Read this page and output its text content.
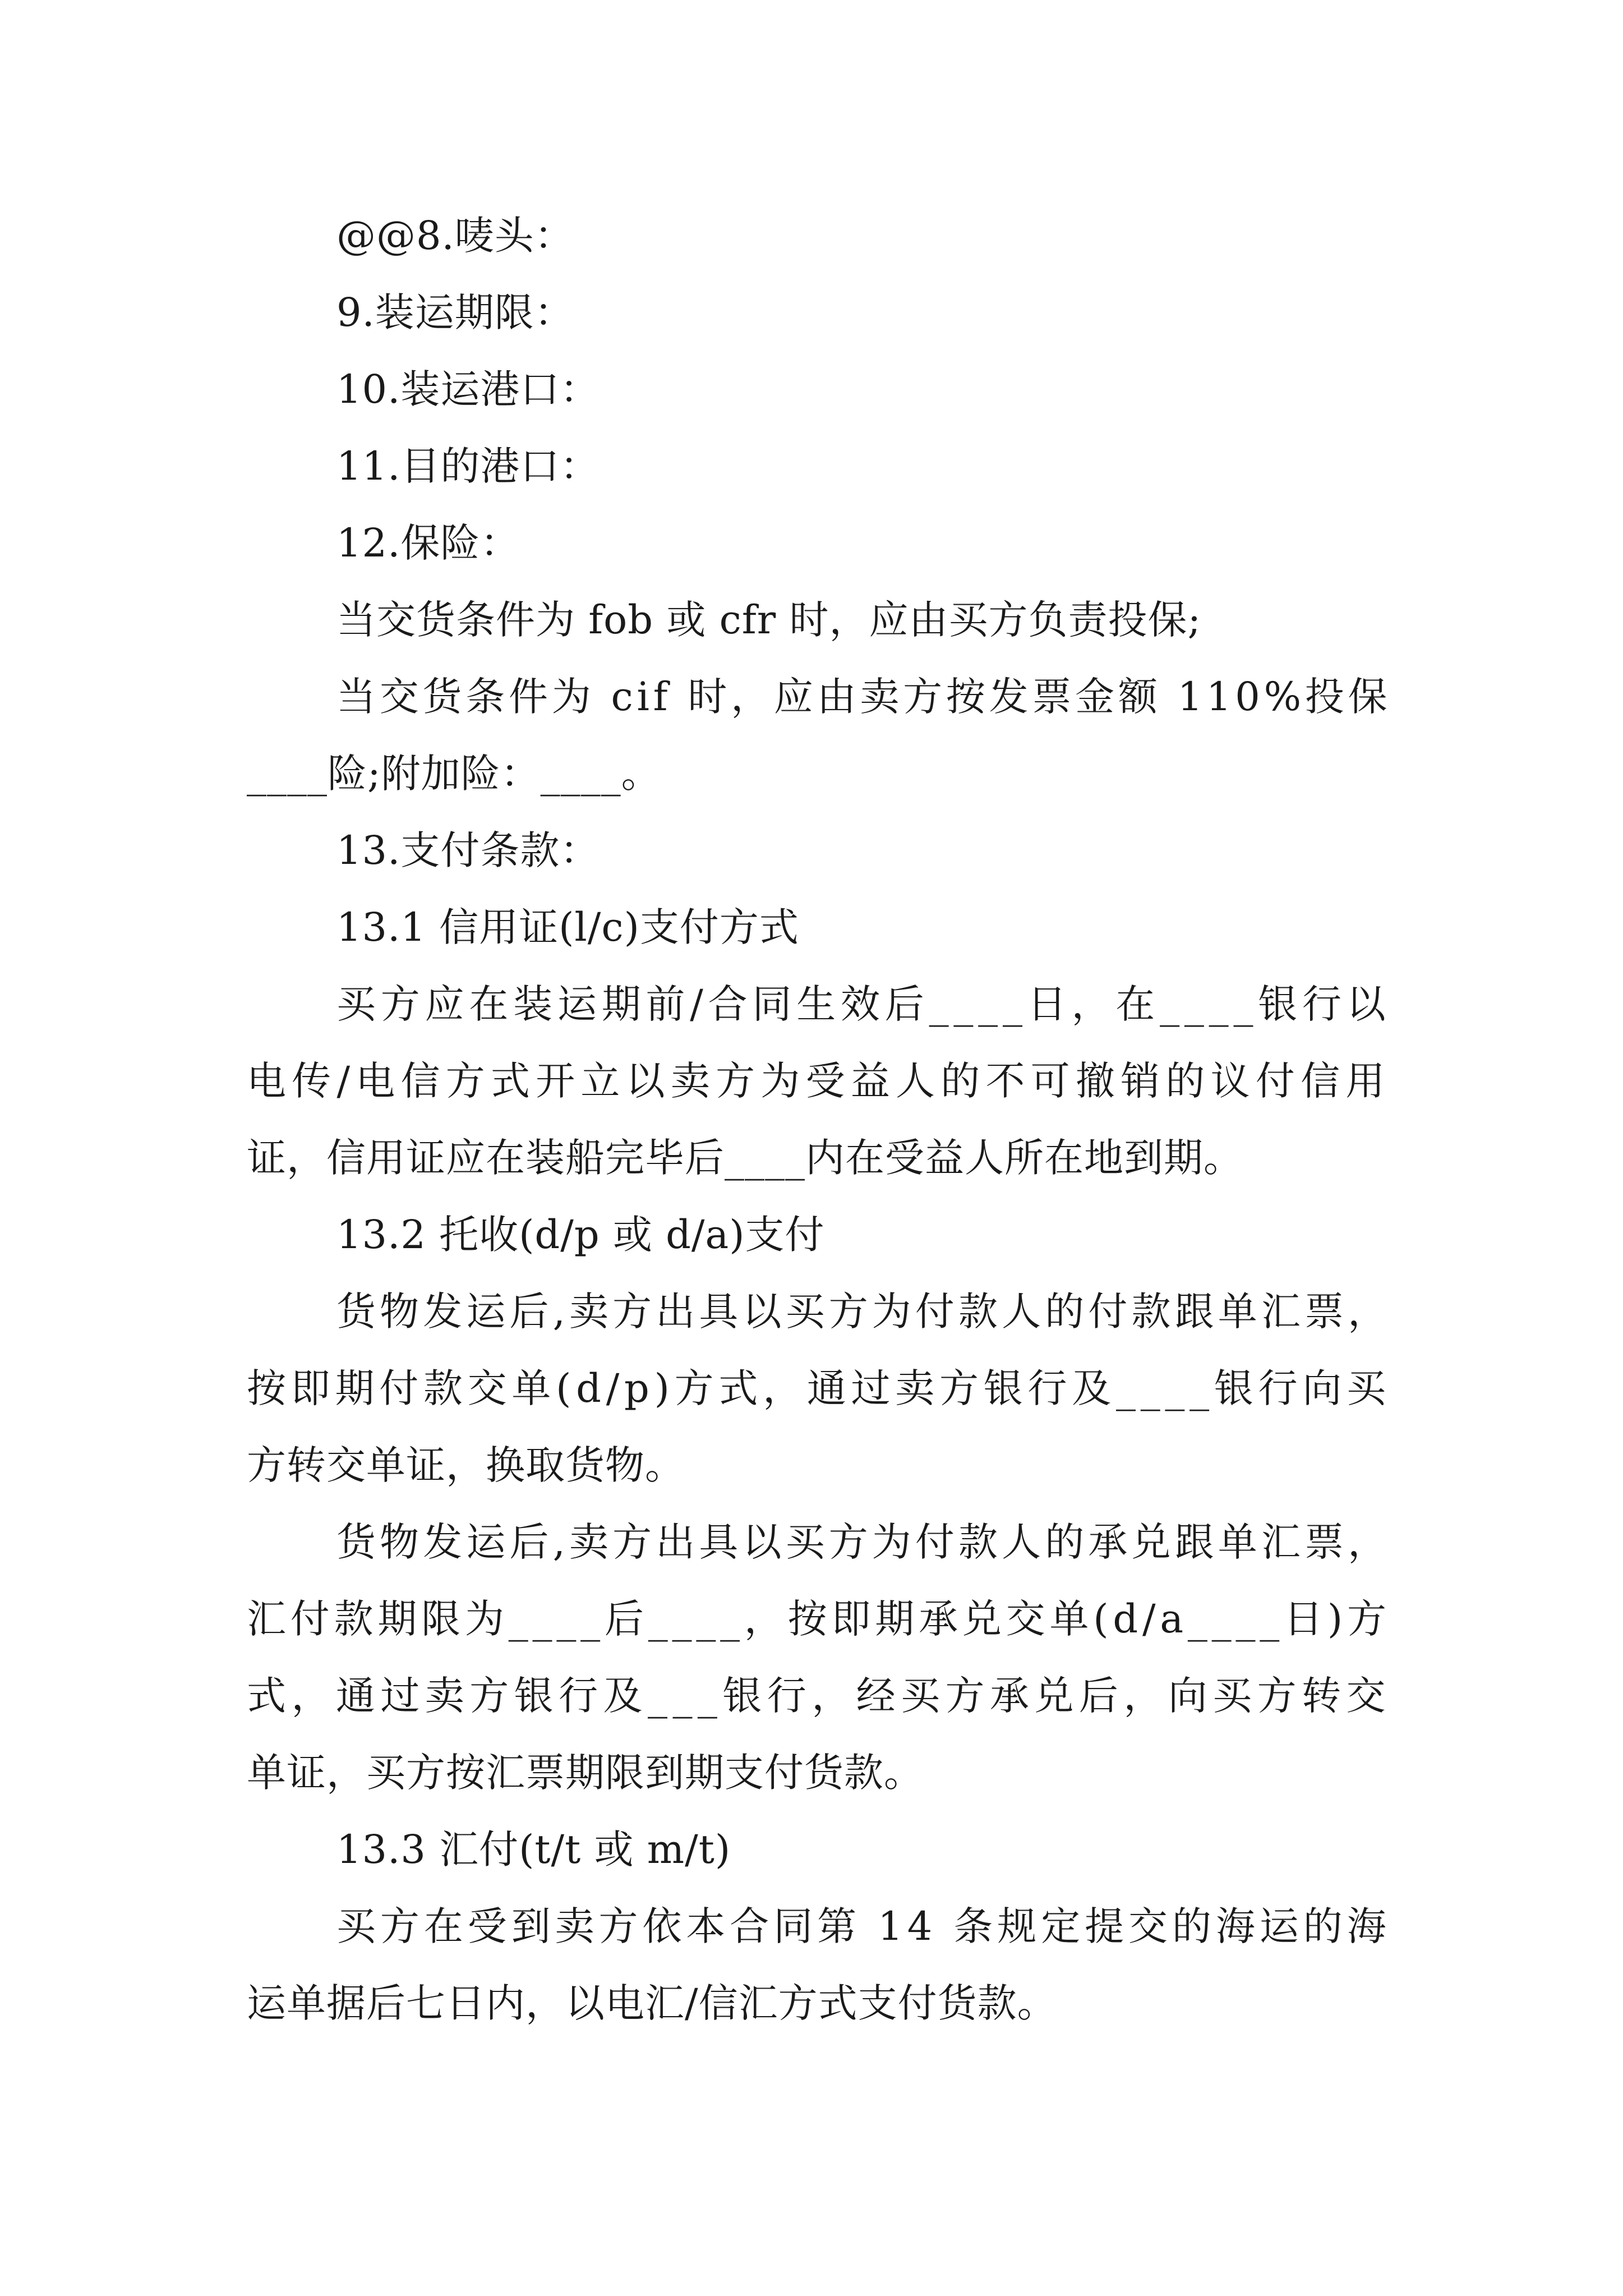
@@8.唛头：
9.装运期限：
10.装运港口：
11.目的港口：
12.保险：
当交货条件为 fob 或 cfr 时，应由买方负责投保;
当交货条件为 cif 时，应由卖方按发票金额 110%投保
____险;附加险：____。
13.支付条款：
13.1 信用证(l/c)支付方式
买方应在装运期前/合同生效后____日，在____银行以
电传/电信方式开立以卖方为受益人的不可撤销的议付信用
证，信用证应在装船完毕后____内在受益人所在地到期。
13.2 托收(d/p 或 d/a)支付
货物发运后,卖方出具以买方为付款人的付款跟单汇票，
按即期付款交单(d/p)方式，通过卖方银行及____银行向买
方转交单证，换取货物。
货物发运后,卖方出具以买方为付款人的承兑跟单汇票，
汇付款期限为____后____，按即期承兑交单(d/a____日)方
式，通过卖方银行及___银行，经买方承兑后，向买方转交
单证，买方按汇票期限到期支付货款。
13.3 汇付(t/t 或 m/t)
买方在受到卖方依本合同第 14 条规定提交的海运的海
运单据后七日内，以电汇/信汇方式支付货款。
